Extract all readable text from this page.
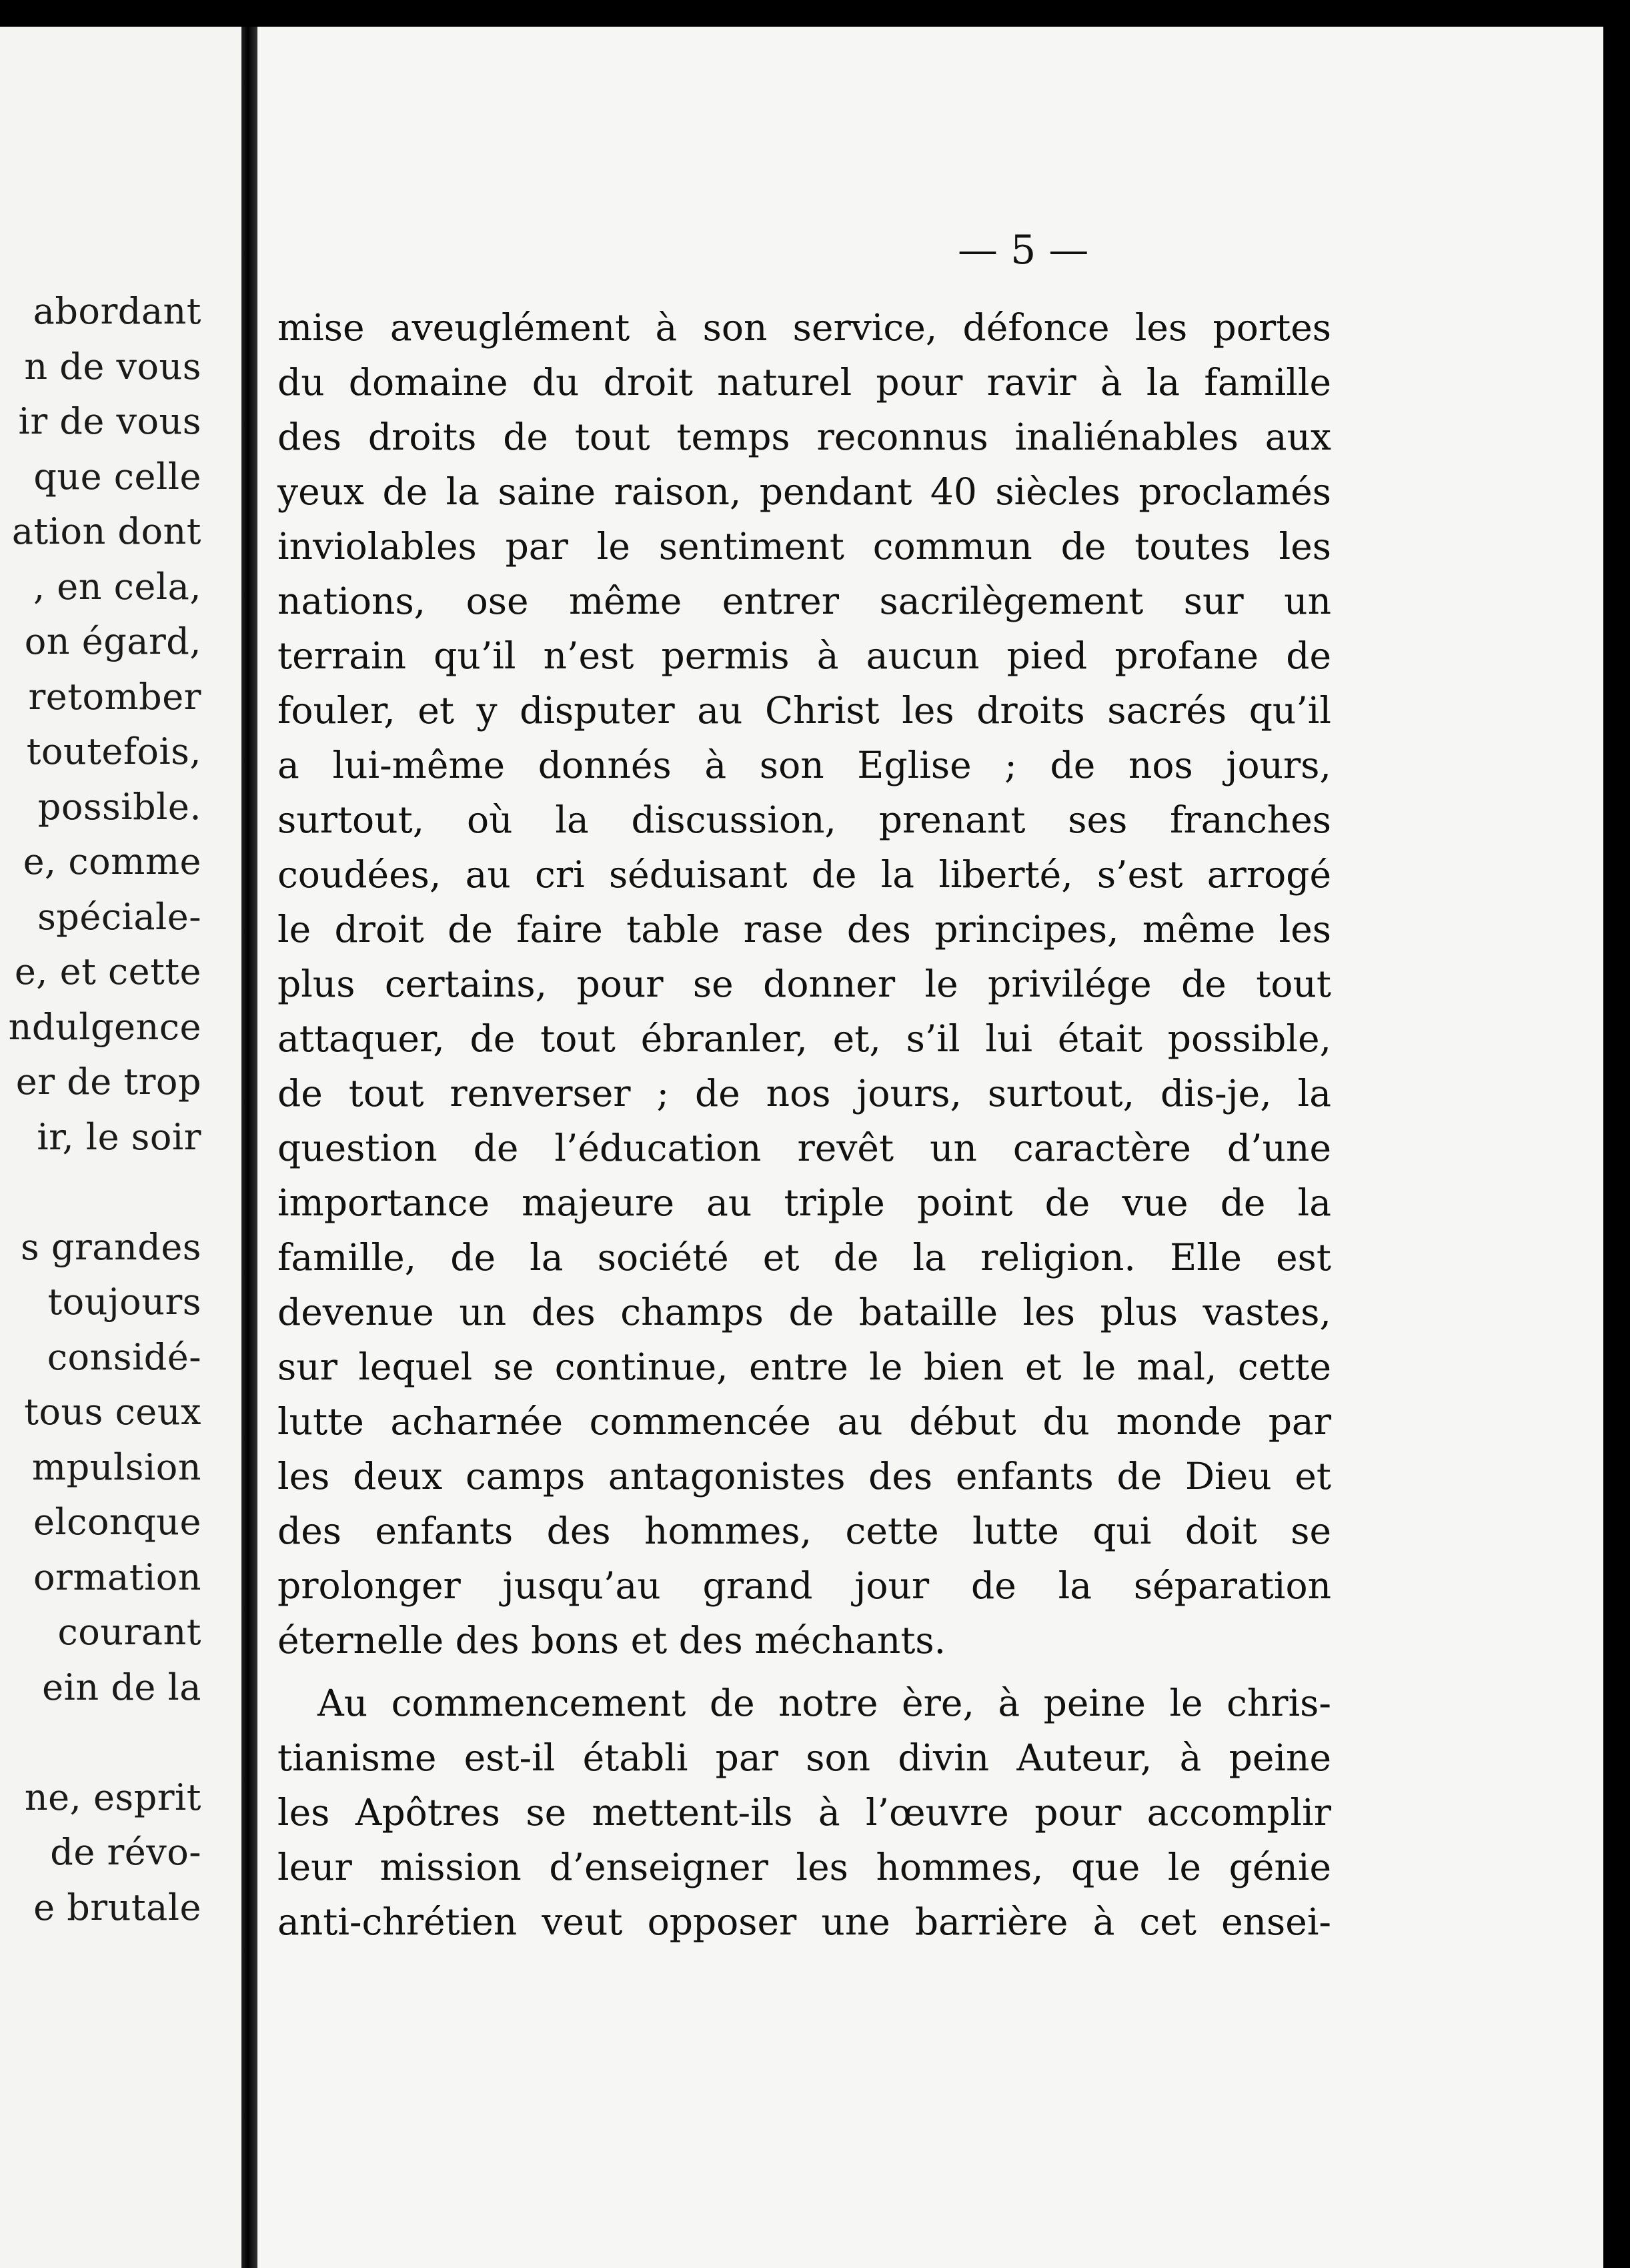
abordant
n de vous
ir de vous
que celle
ation dont
, en cela,
on égard,
retomber
toutefois,
possible.
e, comme
spéciale-
e, et cette
ndulgence
er de trop
ir, le soir
s grandes
toujours
considé-
tous ceux
mpulsion
elconque
ormation
courant
ein de la
ne, esprit
de révo-
e brutale
— 5 —
mise aveuglément à son service, défonce les portes
du domaine du droit naturel pour ravir à la famille
des droits de tout temps reconnus inaliénables aux
yeux de la saine raison, pendant 40 siècles proclamés
inviolables par le sentiment commun de toutes les
nations, ose même entrer sacrilègement sur un
terrain qu’il n’est permis à aucun pied profane de
fouler, et y disputer au Christ les droits sacrés qu’il
a lui-même donnés à son Eglise ; de nos jours,
surtout, où la discussion, prenant ses franches
coudées, au cri séduisant de la liberté, s’est arrogé
le droit de faire table rase des principes, même les
plus certains, pour se donner le privilége de tout
attaquer, de tout ébranler, et, s’il lui était possible,
de tout renverser ; de nos jours, surtout, dis-je, la
question de l’éducation revêt un caractère d’une
importance majeure au triple point de vue de la
famille, de la société et de la religion. Elle est
devenue un des champs de bataille les plus vastes,
sur lequel se continue, entre le bien et le mal, cette
lutte acharnée commencée au début du monde par
les deux camps antagonistes des enfants de Dieu et
des enfants des hommes, cette lutte qui doit se
prolonger jusqu’au grand jour de la séparation
éternelle des bons et des méchants.
Au commencement de notre ère, à peine le chris-
tianisme est-il établi par son divin Auteur, à peine
les Apôtres se mettent-ils à l’œuvre pour accomplir
leur mission d’enseigner les hommes, que le génie
anti-chrétien veut opposer une barrière à cet ensei-
